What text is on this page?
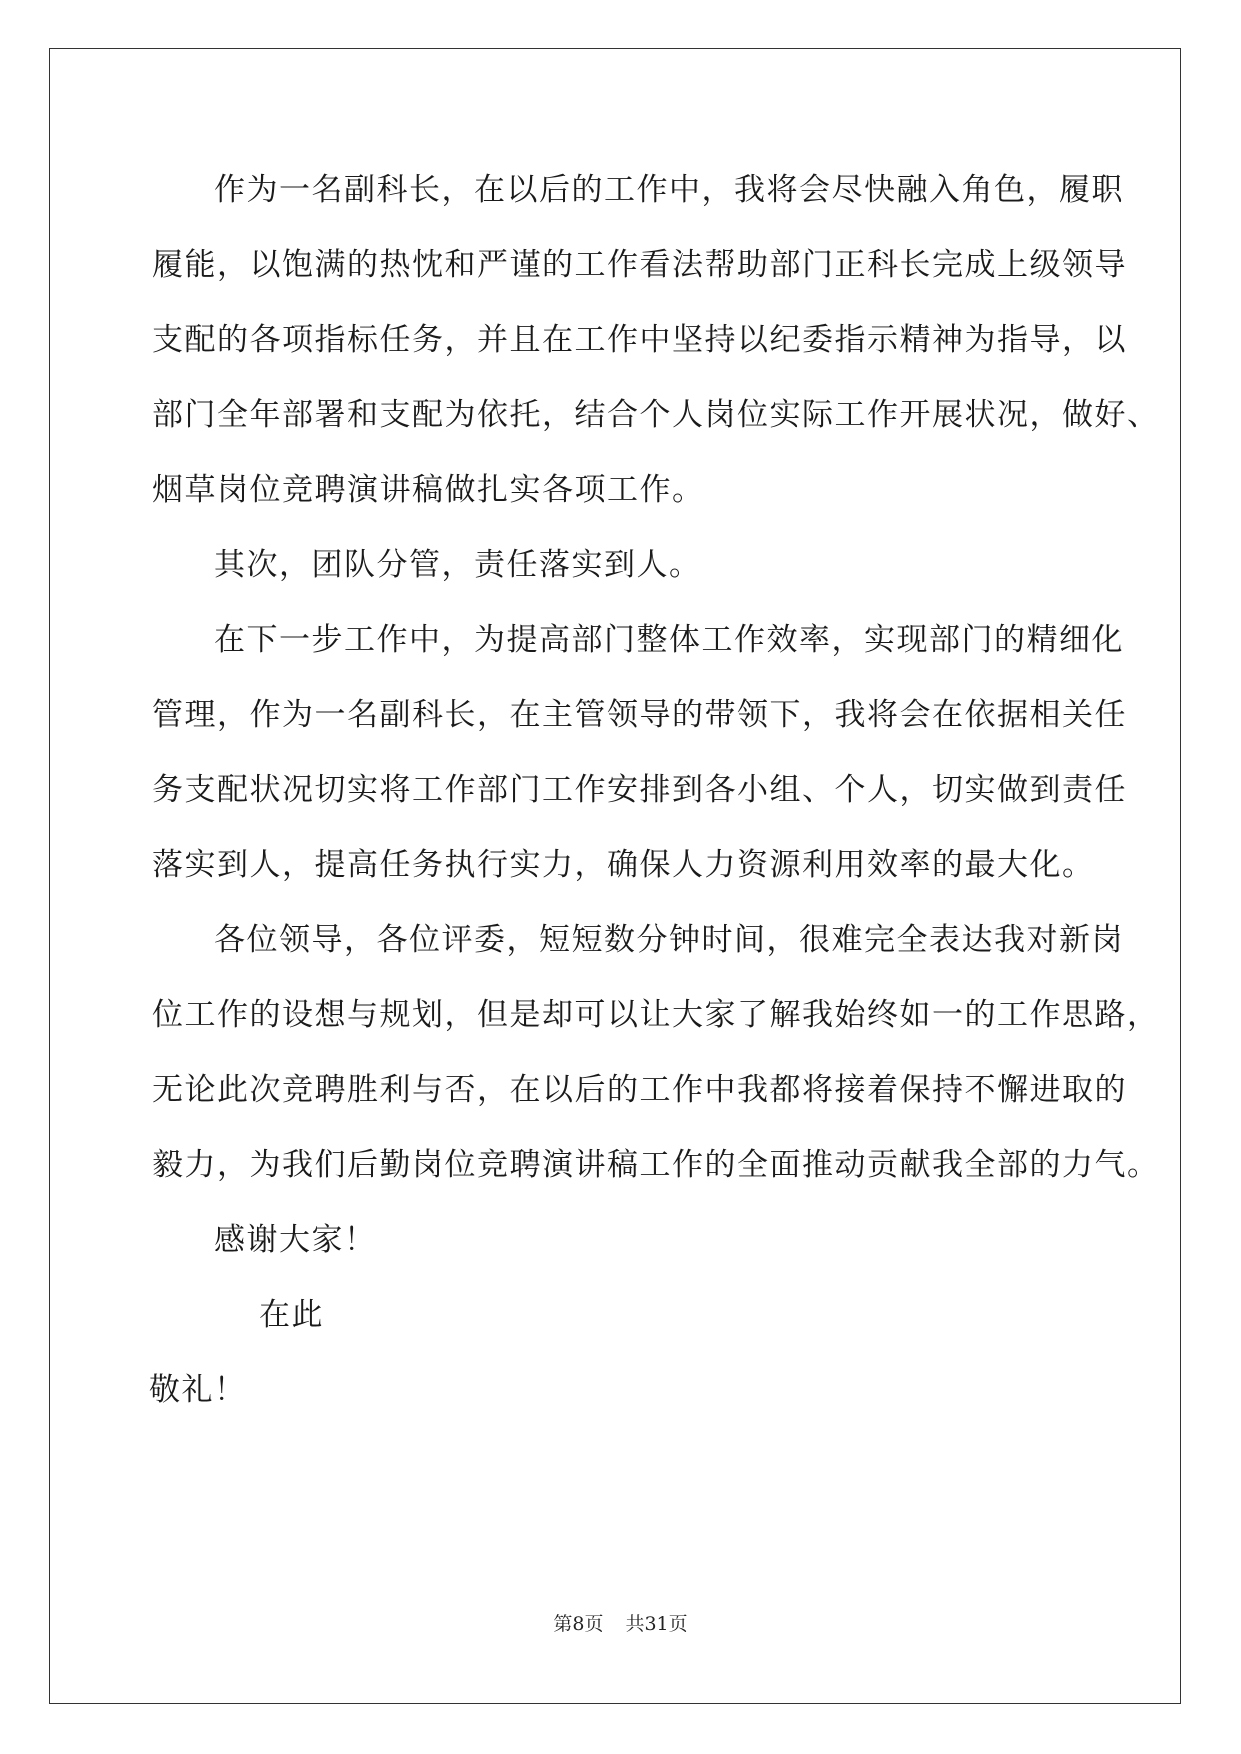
作为一名副科长，在以后的工作中，我将会尽快融入角色，履职
履能，以饱满的热忱和严谨的工作看法帮助部门正科长完成上级领导
支配的各项指标任务，并且在工作中坚持以纪委指示精神为指导，以
部门全年部署和支配为依托，结合个人岗位实际工作开展状况，做好、
烟草岗位竞聘演讲稿做扎实各项工作。
其次，团队分管，责任落实到人。
在下一步工作中，为提高部门整体工作效率，实现部门的精细化
管理，作为一名副科长，在主管领导的带领下，我将会在依据相关任
务支配状况切实将工作部门工作安排到各小组、个人，切实做到责任
落实到人，提高任务执行实力，确保人力资源利用效率的最大化。
各位领导，各位评委，短短数分钟时间，很难完全表达我对新岗
位工作的设想与规划，但是却可以让大家了解我始终如一的工作思路，
无论此次竞聘胜利与否，在以后的工作中我都将接着保持不懈进取的
毅力，为我们后勤岗位竞聘演讲稿工作的全面推动贡献我全部的力气。
感谢大家！
在此
敬礼！
第8页 共31页
